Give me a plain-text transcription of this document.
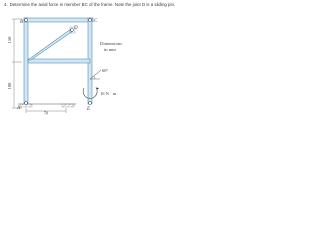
4. Determine the axial force in member BC of the frame. Note the joint D is a sliding pin.
150
100
70
B	C
D
A	E
Dimensions
in mm
60°
16 N · m
